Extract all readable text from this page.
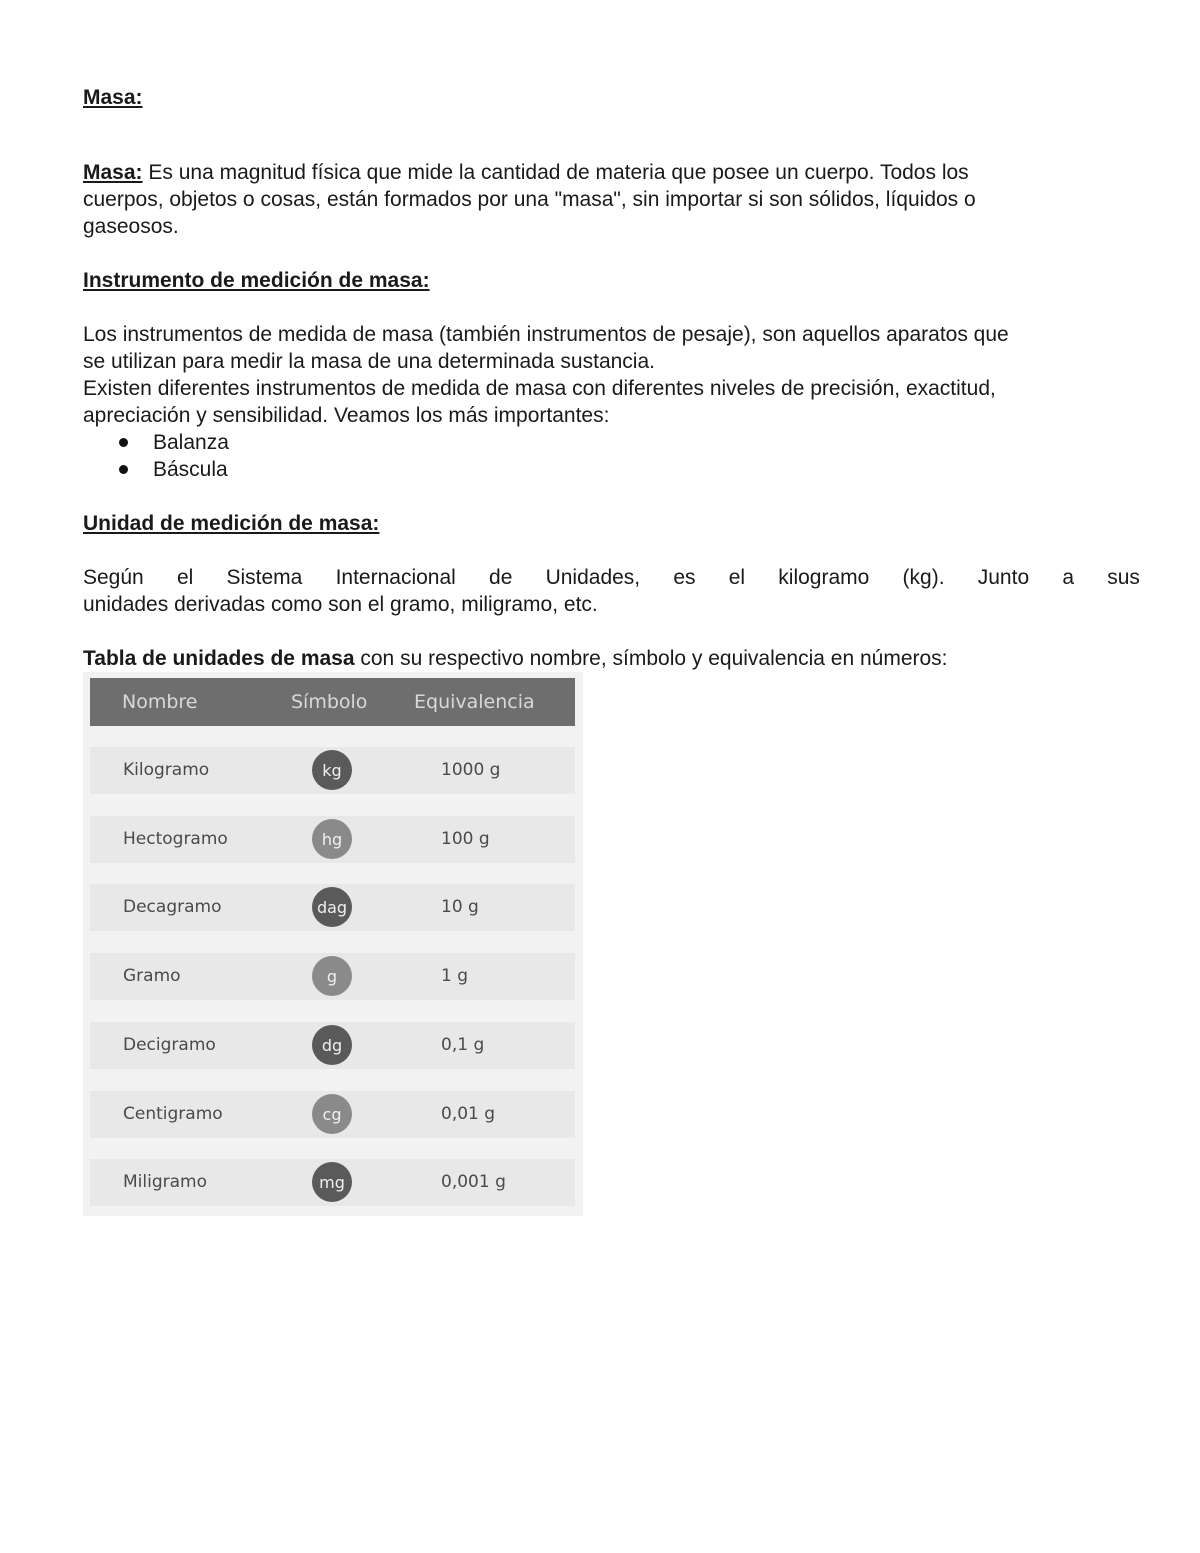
Masa:

Masa: Es una magnitud física que mide la cantidad de materia que posee un cuerpo. Todos los

cuerpos, objetos o cosas, están formados por una "masa", sin importar si son sólidos, líquidos o

gaseosos.

Instrumento de medición de masa:

Los instrumentos de medida de masa (también instrumentos de pesaje), son aquellos aparatos que

se utilizan para medir la masa de una determinada sustancia.

Existen diferentes instrumentos de medida de masa con diferentes niveles de precisión, exactitud,

apreciación y sensibilidad. Veamos los más importantes:

Balanza
Báscula

Unidad de medición de masa:

Según el Sistema Internacional de Unidades, es el kilogramo (kg). Junto a sus

unidades derivadas como son el gramo, miligramo, etc.

Tabla de unidades de masa con su respectivo nombre, símbolo y equivalencia en números:

Nombre	Símbolo Equivalencia
Kilogramo	kg	1000 g
Hectogramo	hg	100 g
Decagramo	dag	10 g
Gramo	g	1 g
Decigramo	dg	0,1 g
Centigramo	cg	0,01 g
Miligramo	mg	0,001 g
